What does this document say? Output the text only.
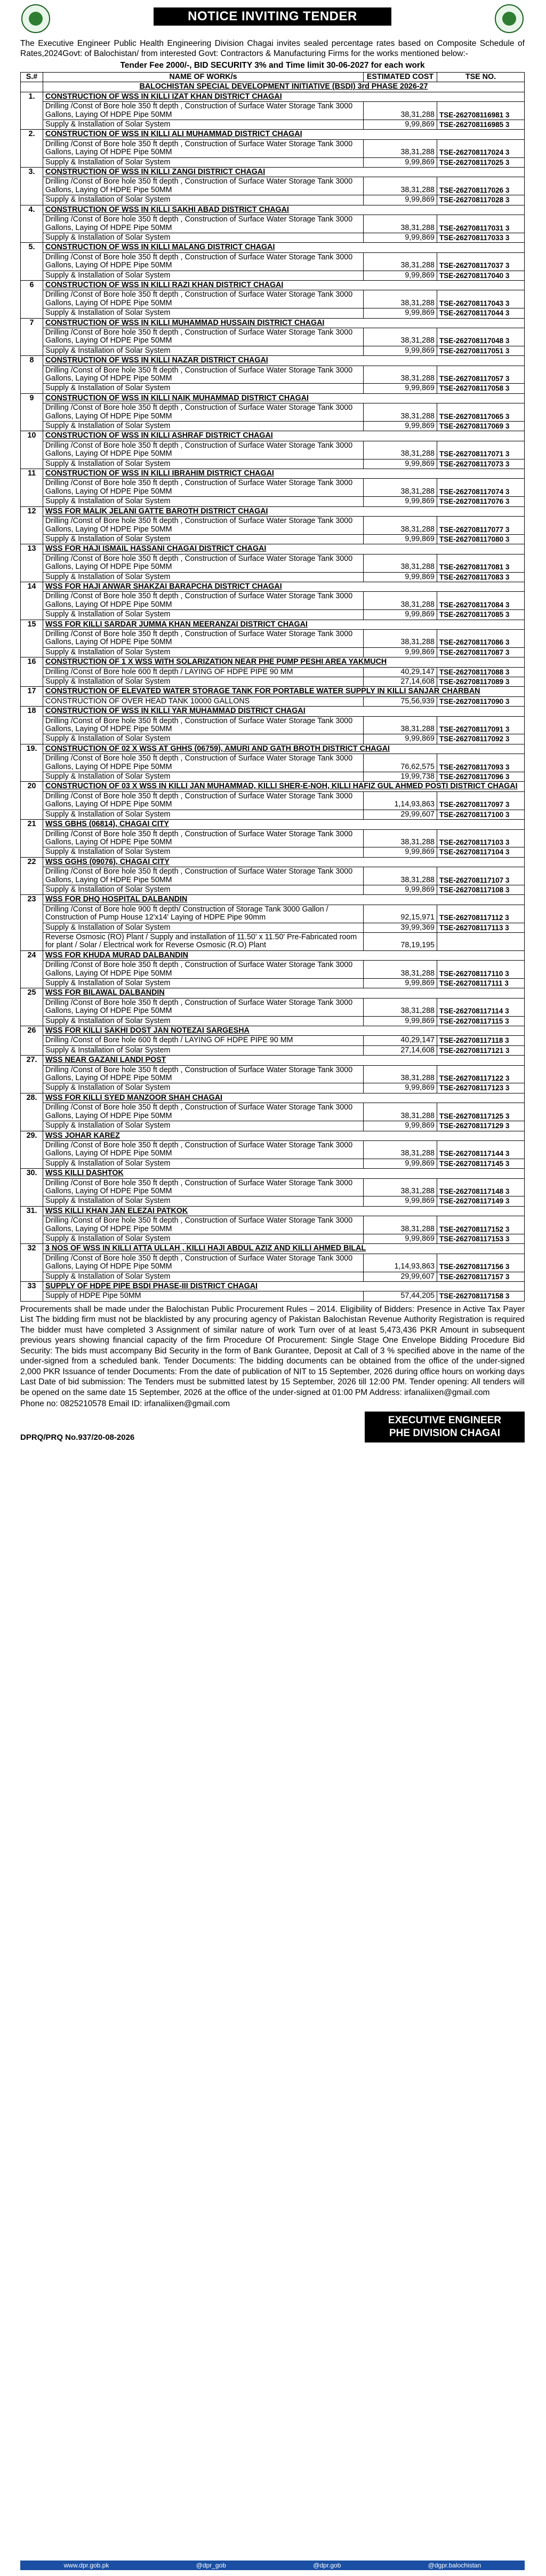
NOTICE INVITING TENDER
The Executive Engineer Public Health Engineering Division Chagai invites sealed percentage rates based on Composite Schedule of Rates,2024Govt: of Balochistan/ from interested Govt: Contractors & Manufacturing Firms for the works mentioned below:-
Tender Fee 2000/-, BID SECURITY 3% and Time limit 30-06-2027 for each work
S.#	NAME OF WORK/s	ESTIMATED COST	TSE NO.
	BALOCHISTAN SPECIAL DEVELOPMENT INITIATIVE (BSDI) 3rd PHASE 2026-27		
1.	CONSTRUCTION OF WSS IN KILLI IZAT KHAN DISTRICT CHAGAI		
	Drilling /Const of Bore hole 350 ft depth , Construction of Surface Water Storage Tank 3000 Gallons, Laying Of HDPE Pipe 50MM	38,31,288	TSE-262708116981 3
	Supply & Installation of Solar System	9,99,869	TSE-262708116985 3
2.	CONSTRUCTION OF WSS IN KILLI ALI MUHAMMAD DISTRICT CHAGAI		
	Drilling /Const of Bore hole 350 ft depth , Construction of Surface Water Storage Tank 3000 Gallons, Laying Of HDPE Pipe 50MM	38,31,288	TSE-262708117024 3
	Supply & Installation of Solar System	9,99,869	TSE-262708117025 3
3.	CONSTRUCTION OF WSS IN KILLI ZANGI DISTRICT CHAGAI		
	Drilling /Const of Bore hole 350 ft depth , Construction of Surface Water Storage Tank 3000 Gallons, Laying Of HDPE Pipe 50MM	38,31,288	TSE-262708117026 3
	Supply & Installation of Solar System	9,99,869	TSE-262708117028 3
4.	CONSTRUCTION OF WSS IN KILLI SAKHI ABAD DISTRICT CHAGAI		
	Drilling /Const of Bore hole 350 ft depth , Construction of Surface Water Storage Tank 3000 Gallons, Laying Of HDPE Pipe 50MM	38,31,288	TSE-262708117031 3
	Supply & Installation of Solar System	9,99,869	TSE-262708117033 3
5.	CONSTRUCTION OF WSS IN KILLI MALANG DISTRICT CHAGAI		
	Drilling /Const of Bore hole 350 ft depth , Construction of Surface Water Storage Tank 3000 Gallons, Laying Of HDPE Pipe 50MM	38,31,288	TSE-262708117037 3
	Supply & Installation of Solar System	9,99,869	TSE-262708117040 3
6	CONSTRUCTION OF WSS IN KILLI RAZI KHAN DISTRICT CHAGAI		
	Drilling /Const of Bore hole 350 ft depth , Construction of Surface Water Storage Tank 3000 Gallons, Laying Of HDPE Pipe 50MM	38,31,288	TSE-262708117043 3
	Supply & Installation of Solar System	9,99,869	TSE-262708117044 3
7	CONSTRUCTION OF WSS IN KILLI MUHAMMAD HUSSAIN DISTRICT CHAGAI		
	Drilling /Const of Bore hole 350 ft depth , Construction of Surface Water Storage Tank 3000 Gallons, Laying Of HDPE Pipe 50MM	38,31,288	TSE-262708117048 3
	Supply & Installation of Solar System	9,99,869	TSE-262708117051 3
8	CONSTRUCTION OF WSS IN KILLI NAZAR DISTRICT CHAGAI		
	Drilling /Const of Bore hole 350 ft depth , Construction of Surface Water Storage Tank 3000 Gallons, Laying Of HDPE Pipe 50MM	38,31,288	TSE-262708117057 3
	Supply & Installation of Solar System	9,99,869	TSE-262708117058 3
9	CONSTRUCTION OF WSS IN KILLI NAIK MUHAMMAD DISTRICT CHAGAI		
	Drilling /Const of Bore hole 350 ft depth , Construction of Surface Water Storage Tank 3000 Gallons, Laying Of HDPE Pipe 50MM	38,31,288	TSE-262708117065 3
	Supply & Installation of Solar System	9,99,869	TSE-262708117069 3
10	CONSTRUCTION OF WSS IN KILLI ASHRAF DISTRICT CHAGAI		
	Drilling /Const of Bore hole 350 ft depth , Construction of Surface Water Storage Tank 3000 Gallons, Laying Of HDPE Pipe 50MM	38,31,288	TSE-262708117071 3
	Supply & Installation of Solar System	9,99,869	TSE-262708117073 3
11	CONSTRUCTION OF WSS IN KILLI IBRAHIM DISTRICT CHAGAI		
	Drilling /Const of Bore hole 350 ft depth , Construction of Surface Water Storage Tank 3000 Gallons, Laying Of HDPE Pipe 50MM	38,31,288	TSE-262708117074 3
	Supply & Installation of Solar System	9,99,869	TSE-262708117076 3
12	WSS FOR MALIK JELANI GATTE BAROTH DISTRICT CHAGAI		
	Drilling /Const of Bore hole 350 ft depth , Construction of Surface Water Storage Tank 3000 Gallons, Laying Of HDPE Pipe 50MM	38,31,288	TSE-262708117077 3
	Supply & Installation of Solar System	9,99,869	TSE-262708117080 3
13	WSS FOR HAJI ISMAIL HASSANI CHAGAI DISTRICT CHAGAI		
	Drilling /Const of Bore hole 350 ft depth , Construction of Surface Water Storage Tank 3000 Gallons, Laying Of HDPE Pipe 50MM	38,31,288	TSE-262708117081 3
	Supply & Installation of Solar System	9,99,869	TSE-262708117083 3
14	WSS FOR HAJI ANWAR SHAKZAI BARAPCHA DISTRICT CHAGAI		
	Drilling /Const of Bore hole 350 ft depth , Construction of Surface Water Storage Tank 3000 Gallons, Laying Of HDPE Pipe 50MM	38,31,288	TSE-262708117084 3
	Supply & Installation of Solar System	9,99,869	TSE-262708117085 3
15	WSS FOR KILLI SARDAR JUMMA KHAN MEERANZAI DISTRICT CHAGAI		
	Drilling /Const of Bore hole 350 ft depth , Construction of Surface Water Storage Tank 3000 Gallons, Laying Of HDPE Pipe 50MM	38,31,288	TSE-262708117086 3
	Supply & Installation of Solar System	9,99,869	TSE-262708117087 3
16	CONSTRUCTION OF 1 X WSS WITH SOLARIZATION NEAR PHE PUMP PESHI AREA YAKMUCH		
	Drilling /Const of Bore hole 600 ft depth / LAYING OF HDPE PIPE 90 MM	40,29,147	TSE-262708117088 3
	Supply & Installation of Solar System	27,14,608	TSE-262708117089 3
17	CONSTRUCTION OF ELEVATED WATER STORAGE TANK FOR PORTABLE WATER SUPPLY IN KILLI SANJAR CHARBAN		
	CONSTRUCTION OF OVER HEAD TANK 10000 GALLONS	75,56,939	TSE-262708117090 3
18	CONSTRUCTION OF WSS IN KILLI YAR MUHAMMAD DISTRICT CHAGAI		
	Drilling /Const of Bore hole 350 ft depth , Construction of Surface Water Storage Tank 3000 Gallons, Laying Of HDPE Pipe 50MM	38,31,288	TSE-262708117091 3
	Supply & Installation of Solar System	9,99,869	TSE-262708117092 3
19.	CONSTRUCTION OF 02 X WSS AT GHHS (06759), AMURI AND GATH BROTH DISTRICT CHAGAI		
	Drilling /Const of Bore hole 350 ft depth , Construction of Surface Water Storage Tank 3000 Gallons, Laying Of HDPE Pipe 50MM	76,62,575	TSE-262708117093 3
	Supply & Installation of Solar System	19,99,738	TSE-262708117096 3
20	CONSTRUCTION OF 03 X WSS IN KILLI JAN MUHAMMAD, KILLI SHER-E-NOH, KILLI HAFIZ GUL AHMED POSTI DISTRICT CHAGAI		
	Drilling /Const of Bore hole 350 ft depth , Construction of Surface Water Storage Tank 3000 Gallons, Laying Of HDPE Pipe 50MM	1,14,93,863	TSE-262708117097 3
	Supply & Installation of Solar System	29,99,607	TSE-262708117100 3
21	WSS GBHS (06814), CHAGAI CITY		
	Drilling /Const of Bore hole 350 ft depth , Construction of Surface Water Storage Tank 3000 Gallons, Laying Of HDPE Pipe 50MM	38,31,288	TSE-262708117103 3
	Supply & Installation of Solar System	9,99,869	TSE-262708117104 3
22	WSS GGHS (09076), CHAGAI CITY		
	Drilling /Const of Bore hole 350 ft depth , Construction of Surface Water Storage Tank 3000 Gallons, Laying Of HDPE Pipe 50MM	38,31,288	TSE-262708117107 3
	Supply & Installation of Solar System	9,99,869	TSE-262708117108 3
23	WSS FOR DHQ HOSPITAL DALBANDIN		
	Drilling /Const of Bore hole 900 ft depth/ Construction of Storage Tank 3000 Gallon / Construction of Pump House 12'x14' Laying of HDPE Pipe 90mm	92,15,971	TSE-262708117112 3
	Supply & Installation of Solar System	39,99,369	TSE-262708117113 3
	Reverse Osmosic (RO) Plant / Supply and installation of 11.50' x 11.50' Pre-Fabricated room for plant / Solar / Electrical work for Reverse Osmosic (R.O) Plant	78,19,195	
24	WSS FOR KHUDA MURAD DALBANDIN		
	Drilling /Const of Bore hole 350 ft depth , Construction of Surface Water Storage Tank 3000 Gallons, Laying Of HDPE Pipe 50MM	38,31,288	TSE-262708117110 3
	Supply & Installation of Solar System	9,99,869	TSE-262708117111 3
25	WSS FOR BILAWAL DALBANDIN		
	Drilling /Const of Bore hole 350 ft depth , Construction of Surface Water Storage Tank 3000 Gallons, Laying Of HDPE Pipe 50MM	38,31,288	TSE-262708117114 3
	Supply & Installation of Solar System	9,99,869	TSE-262708117115 3
26	WSS FOR KILLI SAKHI DOST JAN NOTEZAI SARGESHA		
	Drilling /Const of Bore hole 600 ft depth / LAYING OF HDPE PIPE 90 MM	40,29,147	TSE-262708117118 3
	Supply & Installation of Solar System	27,14,608	TSE-262708117121 3
27.	WSS NEAR GAZANI LANDI POST		
	Drilling /Const of Bore hole 350 ft depth , Construction of Surface Water Storage Tank 3000 Gallons, Laying Of HDPE Pipe 50MM	38,31,288	TSE-262708117122 3
	Supply & Installation of Solar System	9,99,869	TSE-262708117123 3
28.	WSS FOR KILLI SYED MANZOOR SHAH CHAGAI		
	Drilling /Const of Bore hole 350 ft depth , Construction of Surface Water Storage Tank 3000 Gallons, Laying Of HDPE Pipe 50MM	38,31,288	TSE-262708117125 3
	Supply & Installation of Solar System	9,99,869	TSE-262708117129 3
29.	WSS JOHAR KAREZ		
	Drilling /Const of Bore hole 350 ft depth , Construction of Surface Water Storage Tank 3000 Gallons, Laying Of HDPE Pipe 50MM	38,31,288	TSE-262708117144 3
	Supply & Installation of Solar System	9,99,869	TSE-262708117145 3
30.	WSS KILLI DASHTOK		
	Drilling /Const of Bore hole 350 ft depth , Construction of Surface Water Storage Tank 3000 Gallons, Laying Of HDPE Pipe 50MM	38,31,288	TSE-262708117148 3
	Supply & Installation of Solar System	9,99,869	TSE-262708117149 3
31.	WSS KILLI KHAN JAN ELEZAI PATKOK		
	Drilling /Const of Bore hole 350 ft depth , Construction of Surface Water Storage Tank 3000 Gallons, Laying Of HDPE Pipe 50MM	38,31,288	TSE-262708117152 3
	Supply & Installation of Solar System	9,99,869	TSE-262708117153 3
32	3 NOS OF WSS IN KILLI ATTA ULLAH , KILLI HAJI ABDUL AZIZ AND KILLI AHMED BILAL		
	Drilling /Const of Bore hole 350 ft depth , Construction of Surface Water Storage Tank 3000 Gallons, Laying Of HDPE Pipe 50MM	1,14,93,863	TSE-262708117156 3
	Supply & Installation of Solar System	29,99,607	TSE-262708117157 3
33	SUPPLY OF HDPE PIPE BSDI PHASE-III DISTRICT CHAGAI		
	Supply of HDPE Pipe 50MM	57,44,205	TSE-262708117158 3
Procurements shall be made under the Balochistan Public Procurement Rules – 2014. Eligibility of Bidders: Presence in Active Tax Payer List The bidding firm must not be blacklisted by any procuring agency of Pakistan Balochistan Revenue Authority Registration is required The bidder must have completed 3 Assignment of similar nature of work Turn over of at least 5,473,436 PKR Amount in subsequent previous years showing financial capacity of the firm Procedure Of Procurement: Single Stage One Envelope Bidding Procedure Bid Security: The bids must accompany Bid Security in the form of Bank Gurantee, Deposit at Call of 3 % specified above in the name of the under-signed from a scheduled bank. Tender Documents: The bidding documents can be obtained from the office of the under-signed 2,000 PKR Issuance of tender Documents: From the date of publication of NIT to 15 September, 2026 during office hours on working days Last Date of bid submission: The Tenders must be submitted latest by 15 September, 2026 till 12:00 PM. Tender opening: All tenders will be opened on the same date 15 September, 2026 at the office of the under-signed at 01:00 PM Address: irfanaliixen@gmail.com
Phone no: 0825210578 Email ID: irfanaliixen@gmail.com
DPRQ/PRQ No.937/20-08-2026
EXECUTIVE ENGINEER
PHE DIVISION CHAGAI
www.dpr.gob.pk	@dpr_gob	@dpr.gob	@dgpr.balochistan
